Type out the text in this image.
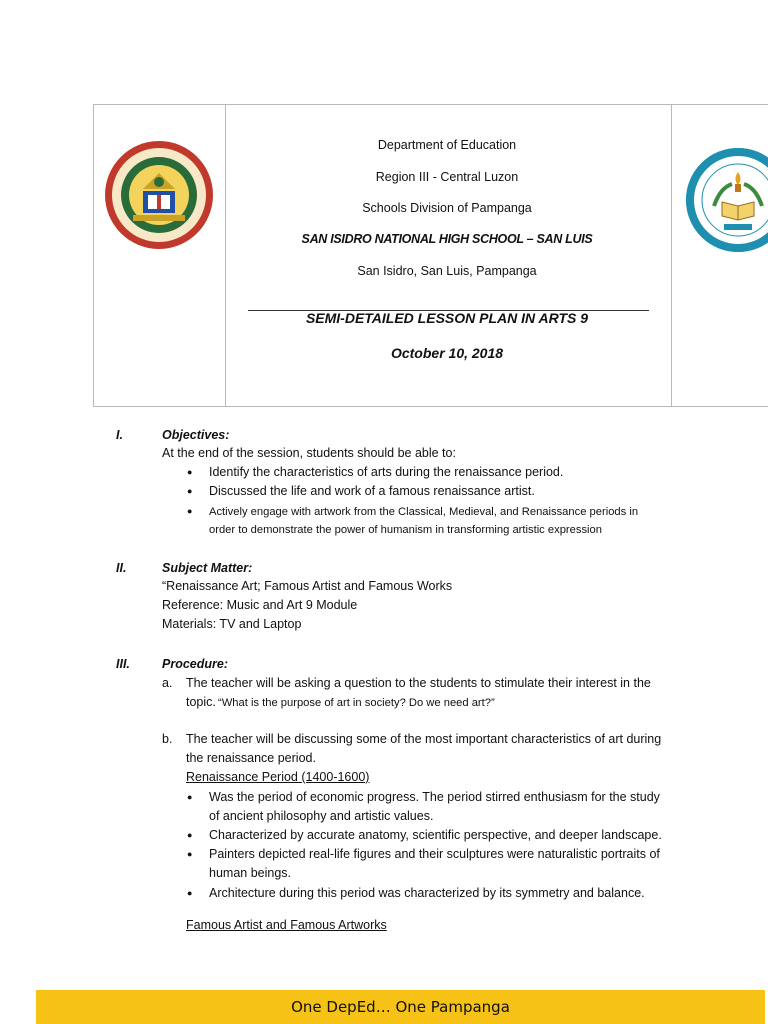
Department of Education
Region III - Central Luzon
Schools Division of Pampanga
SAN ISIDRO NATIONAL HIGH SCHOOL – SAN LUIS
San Isidro, San Luis, Pampanga
SEMI-DETAILED LESSON PLAN IN ARTS 9
October 10, 2018
I.	Objectives:
At the end of the session, students should be able to:
● Identify the characteristics of arts during the renaissance period.
● Discussed the life and work of a famous renaissance artist.
● Actively engage with artwork from the Classical, Medieval, and Renaissance periods in
order to demonstrate the power of humanism in transforming artistic expression
II.	Subject Matter:
“Renaissance Art; Famous Artist and Famous Works
Reference: Music and Art 9 Module
Materials: TV and Laptop
III.	Procedure:
a. The teacher will be asking a question to the students to stimulate their interest in the
topic. “What is the purpose of art in society? Do we need art?”
b. The teacher will be discussing some of the most important characteristics of art during
the renaissance period.
Renaissance Period (1400-1600)
● Was the period of economic progress. The period stirred enthusiasm for the study
of ancient philosophy and artistic values.
● Characterized by accurate anatomy, scientific perspective, and deeper landscape.
● Painters depicted real-life figures and their sculptures were naturalistic portraits of
human beings.
● Architecture during this period was characterized by its symmetry and balance.
Famous Artist and Famous Artworks
One DepEd… One Pampanga
